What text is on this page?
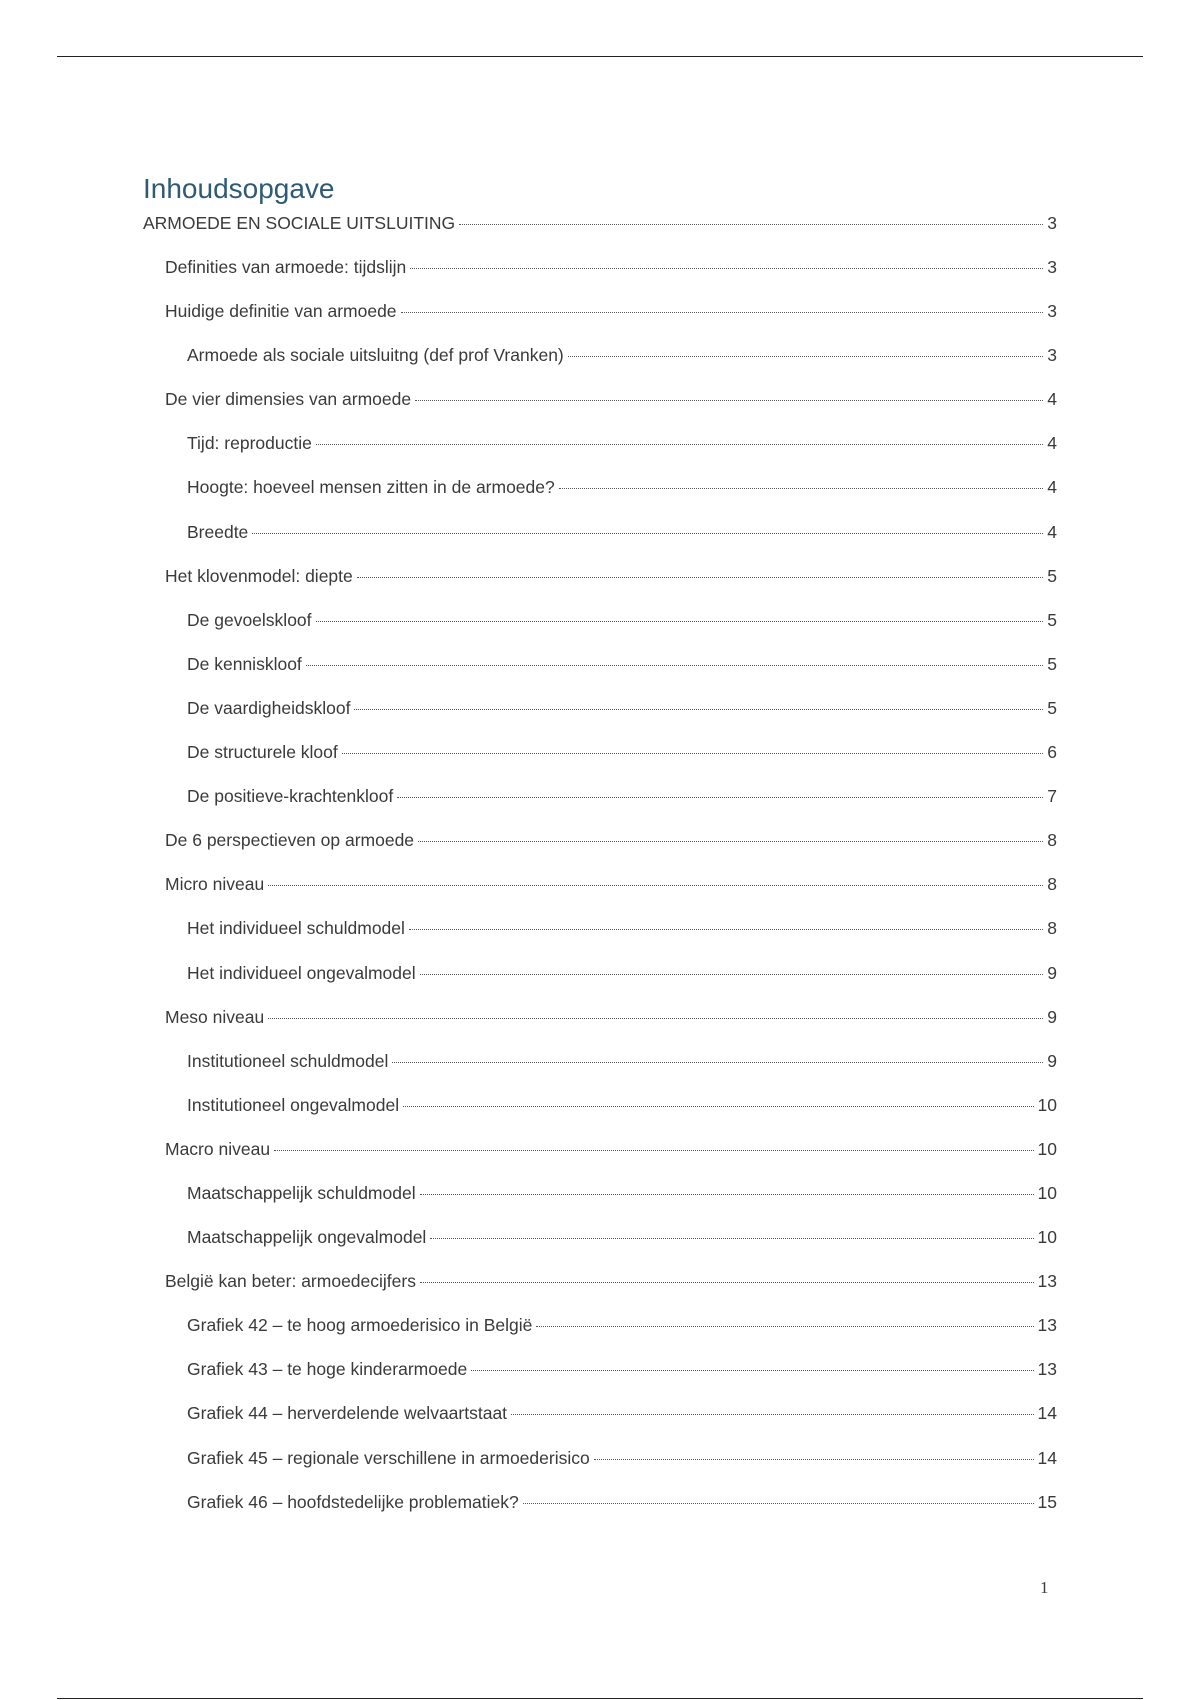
Inhoudsopgave
ARMOEDE EN SOCIALE UITSLUITING	3
Definities van armoede: tijdslijn	3
Huidige definitie van armoede	3
Armoede als sociale uitsluitng (def prof Vranken)	3
De vier dimensies van armoede	4
Tijd: reproductie	4
Hoogte: hoeveel mensen zitten in de armoede?	4
Breedte	4
Het klovenmodel: diepte	5
De gevoelskloof	5
De kenniskloof	5
De vaardigheidskloof	5
De structurele kloof	6
De positieve-krachtenkloof	7
De 6 perspectieven op armoede	8
Micro niveau	8
Het individueel schuldmodel	8
Het individueel ongevalmodel	9
Meso niveau	9
Institutioneel schuldmodel	9
Institutioneel ongevalmodel	10
Macro niveau	10
Maatschappelijk schuldmodel	10
Maatschappelijk ongevalmodel	10
België kan beter: armoedecijfers	13
Grafiek 42 – te hoog armoederisico in België	13
Grafiek 43 – te hoge kinderarmoede	13
Grafiek 44 – herverdelende welvaartstaat	14
Grafiek 45 – regionale verschillene in armoederisico	14
Grafiek 46 – hoofdstedelijke problematiek?	15
1
